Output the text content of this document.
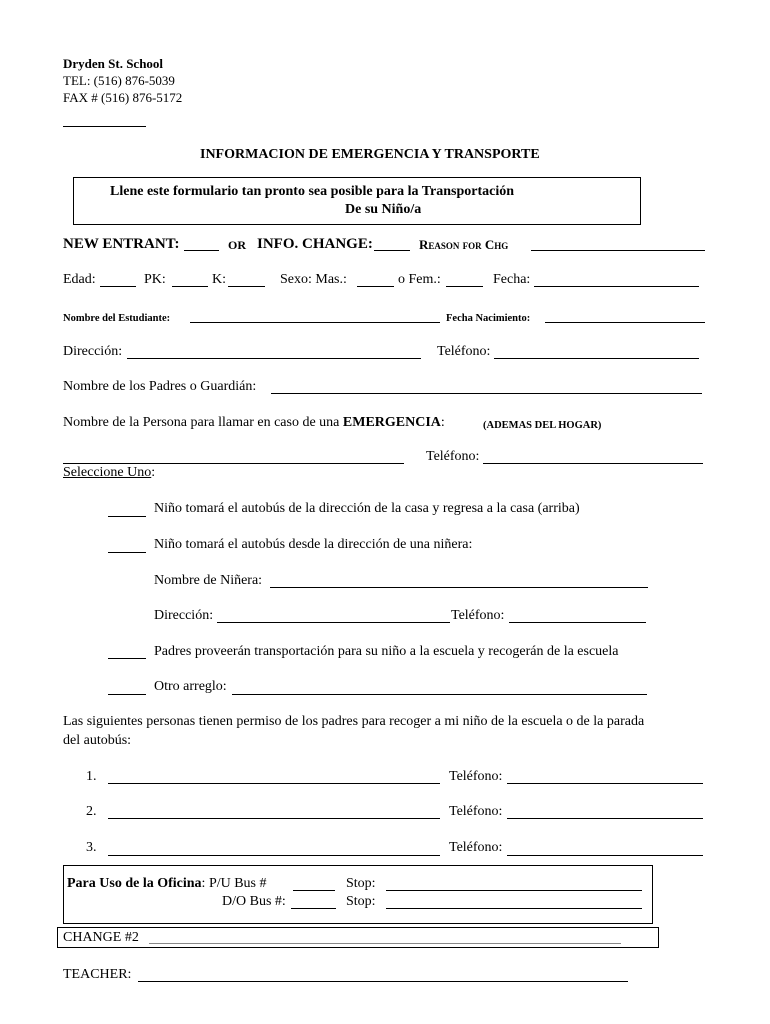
Dryden St. School
TEL: (516) 876-5039
FAX # (516) 876-5172
INFORMACION DE EMERGENCIA Y TRANSPORTE
Llene este formulario tan pronto sea posible para la Transportación
De su Niño/a
NEW ENTRANT:	OR INFO. CHANGE:	Reason for Chg
Edad:	PK:	K:	Sexo: Mas.:	o Fem.:	Fecha:
Nombre del Estudiante:	Fecha Nacimiento:
Dirección:	Teléfono:
Nombre de los Padres o Guardián:
Nombre de la Persona para llamar en caso de una EMERGENCIA:	(ADEMAS DEL HOGAR)
Teléfono:
Seleccione Uno:
Niño tomará el autobús de la dirección de la casa y regresa a la casa (arriba)
Niño tomará el autobús desde la dirección de una niñera:
Nombre de Niñera:
Dirección:	Teléfono:
Padres proveerán transportación para su niño a la escuela y recogerán de la escuela
Otro arreglo:
Las siguientes personas tienen permiso de los padres para recoger a mi niño de la escuela o de la parada
del autobús:
1.	Teléfono:
2.	Teléfono:
3.	Teléfono:
Para Uso de la Oficina: P/U Bus #	Stop:
D/O Bus #:	Stop:
CHANGE #2
TEACHER:
